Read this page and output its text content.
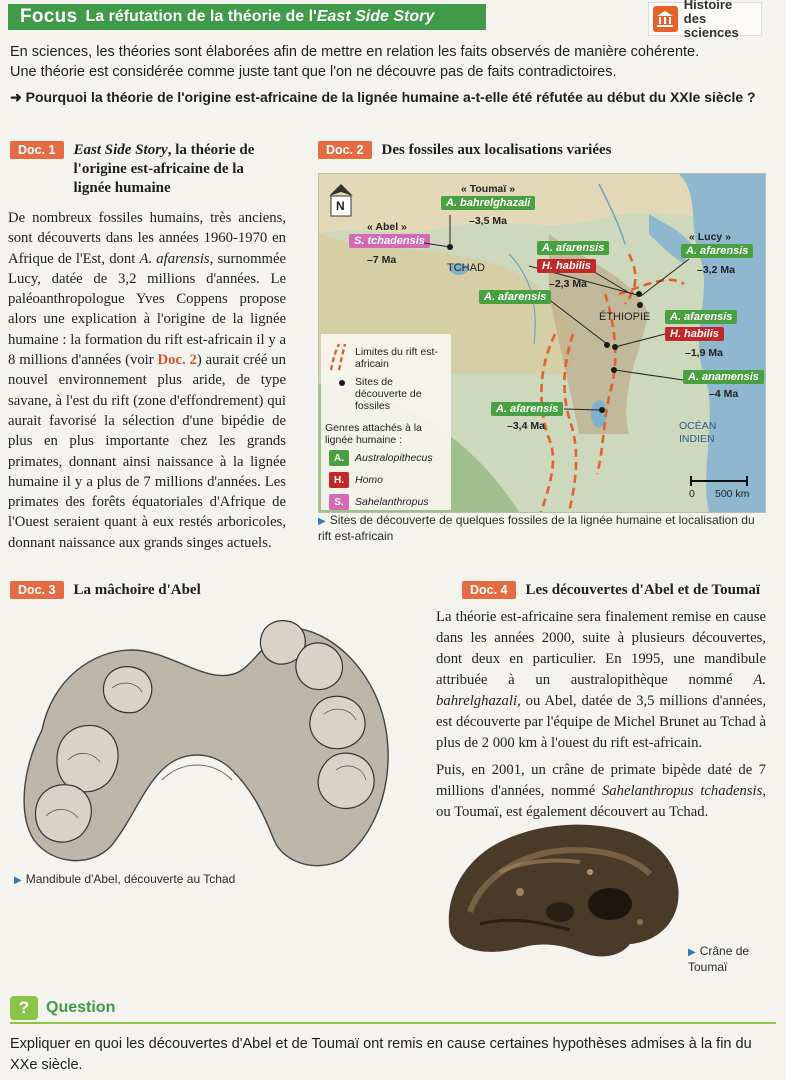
Focus La réfutation de la théorie de l'East Side Story
Histoire
des sciences
En sciences, les théories sont élaborées afin de mettre en relation les faits observés de manière cohérente.
Une théorie est considérée comme juste tant que l'on ne découvre pas de faits contradictoires.
➜ Pourquoi la théorie de l'origine est-africaine de la lignée humaine a-t-elle été réfutée au début du XXIe siècle ?
Doc. 1	East Side Story, la théorie de l'origine est-africaine de la lignée humaine
De nombreux fossiles humains, très anciens, sont découverts dans les années 1960-1970 en Afrique de l'Est, dont A. afarensis, surnommée Lucy, datée de 3,2 millions d'années. Le paléoanthropologue Yves Coppens propose alors une explication à l'origine de la lignée humaine : la formation du rift est-africain il y a 8 millions d'années (voir Doc. 2) aurait créé un nouvel environnement plus aride, de type savane, à l'est du rift (zone d'effondrement) qui aurait favorisé la sélection d'une bipédie de plus en plus importante chez les grands primates, donnant ainsi naissance à la lignée humaine il y a plus de 7 millions d'années. Les primates des forêts équatoriales d'Afrique de l'Ouest seraient quant à eux restés arboricoles, donnant naissance aux grands singes actuels.
Doc. 2	Des fossiles aux localisations variées
N
« Abel »
S. tchadensis
–7 Ma
« Toumaï »
A. bahrelghazali
–3,5 Ma
TCHAD
ÉTHIOPIE
OCÉAN INDIEN
A. afarensis
H. habilis
–2,3 Ma
« Lucy »
A. afarensis
–3,2 Ma
A. afarensis
A. afarensis
H. habilis
–1,9 Ma
A. anamensis
–4 Ma
A. afarensis
–3,4 Ma
0 500 km
Limites du rift est-africain
Sites de découverte de fossiles
Genres attachés à la lignée humaine :
A.	Australopithecus
H.	Homo
S.	Sahelanthropus
▶ Sites de découverte de quelques fossiles de la lignée humaine et localisation du rift est-africain
Doc. 3	La mâchoire d'Abel
▶ Mandibule d'Abel, découverte au Tchad
Doc. 4	Les découvertes d'Abel et de Toumaï

La théorie est-africaine sera finalement remise en cause dans les années 2000, suite à plusieurs découvertes, dont deux en particulier. En 1995, une mandibule attribuée à un australopithèque nommé A. bahrelghazali, ou Abel, datée de 3,5 millions d'années, est découverte par l'équipe de Michel Brunet au Tchad à plus de 2 000 km à l'ouest du rift est-africain.

Puis, en 2001, un crâne de primate bipède daté de 7 millions d'années, nommé Sahelanthropus tchadensis, ou Toumaï, est également découvert au Tchad.

▶ Crâne de Toumaï
?	Question
Expliquer en quoi les découvertes d'Abel et de Toumaï ont remis en cause certaines hypothèses admises à la fin du XXe siècle.
